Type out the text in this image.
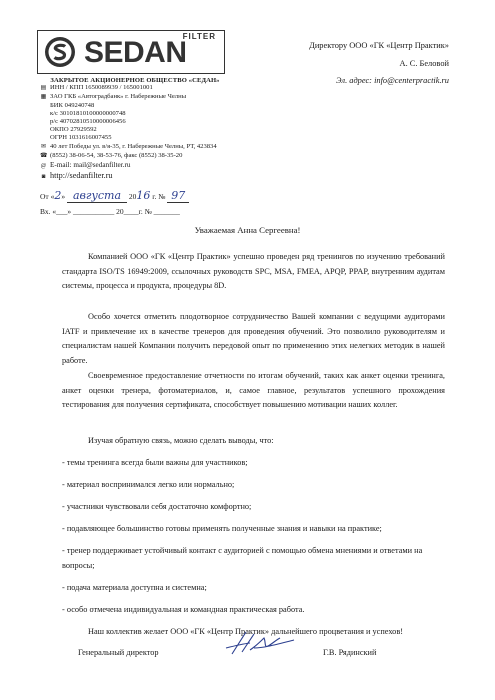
FILTER
SEDAN
ЗАКРЫТОЕ АКЦИОНЕРНОЕ ОБЩЕСТВО «СЕДАН»
▤ ИНН / КПП 1650089939 / 165001001
▦ ЗАО ГКБ «Автоградбанк» г. Набережные Челны
БИК 049240748
к/с 30101810100000000748
р/с 40702810510000006456
ОКПО 27929592
ОГРН 1031616007455
✉ 40 лет Победы ул. в/я-35, г. Набережные Челны, РТ, 423834
☎ (8552) 38-06-54, 38-53-76, факс (8552) 38-35-20
@ E-mail: mail@sedanfilter.ru
◙ http://sedanfilter.ru
От «2» августа 2016 г. № 97
Вх. «___» ___________ 20____г. № _______
Директору ООО «ГК «Центр Практик»
А. С. Беловой
Эл. адрес: info@centerpractik.ru
Уважаемая Анна Сергеевна!

Компанией ООО «ГК «Центр Практик» успешно проведен ряд тренингов по изучению требований стандарта ISO/TS 16949:2009, ссылочных руководств SPC, MSA, FMEA, APQP, PPAP, внутренним аудитам системы, процесса и продукта, процедуры 8D.

Особо хочется отметить плодотворное сотрудничество Вашей компании с ведущими аудиторами IATF и привлечение их в качестве тренеров для проведения обучений. Это позволило руководителям и специалистам нашей Компании получить передовой опыт по применению этих нелегких методик в нашей работе.

Своевременное предоставление отчетности по итогам обучений, таких как анкет оценки тренинга, анкет оценки тренера, фотоматериалов, и, самое главное, результатов успешного прохождения тестирования для получения сертификата, способствует повышению мотивации наших коллег.

Изучая обратную связь, можно сделать выводы, что:

- темы тренинга всегда были важны для участников;
- материал воспринимался легко или нормально;
- участники чувствовали себя достаточно комфортно;
- подавляющее большинство готовы применять полученные знания и навыки на практике;
- тренер поддерживает устойчивый контакт с аудиторией с помощью обмена мнениями и ответами на вопросы;
- подача материала доступна и системна;
- особо отмечена индивидуальная и командная практическая работа.

Наш коллектив желает ООО «ГК «Центр Практик» дальнейшего процветания и успехов!

Генеральный директор	Г.В. Рядинский
